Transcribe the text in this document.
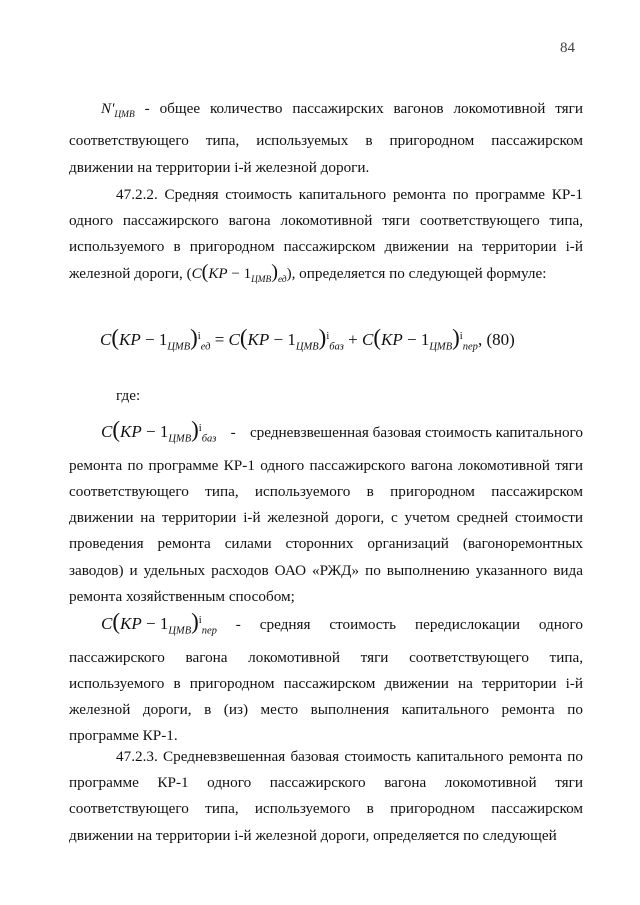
84
$N'_{ЦМВ}$ - общее количество пассажирских вагонов локомотивной тяги соответствующего типа, используемых в пригородном пассажирском движении на территории i-й железной дороги.
47.2.2. Средняя стоимость капитального ремонта по программе КР-1 одного пассажирского вагона локомотивной тяги соответствующего типа, используемого в пригородном пассажирском движении на территории i-й железной дороги, $(C(KP - 1_{ЦМВ})_{ед})$, определяется по следующей формуле:
$C(KP - 1_{ЦМВ})^i_{ед} = C(KP - 1_{ЦМВ})^i_{баз} + C(KP - 1_{ЦМВ})^i_{пер}$, (80)
где:
$C(KP - 1_{ЦМВ})^i_{баз}$ - средневзвешенная базовая стоимость капитального
ремонта по программе КР-1 одного пассажирского вагона локомотивной тяги соответствующего типа, используемого в пригородном пассажирском движении на территории i-й железной дороги, с учетом средней стоимости проведения ремонта силами сторонних организаций (вагоноремонтных заводов) и удельных расходов ОАО «РЖД» по выполнению указанного вида ремонта хозяйственным способом;
$C(KP - 1_{ЦМВ})^i_{пер}$ - средняя стоимость передислокации одного
пассажирского вагона локомотивной тяги соответствующего типа, используемого в пригородном пассажирском движении на территории i-й железной дороги, в (из) место выполнения капитального ремонта по программе КР-1.
47.2.3. Средневзвешенная базовая стоимость капитального ремонта по программе КР-1 одного пассажирского вагона локомотивной тяги соответствующего типа, используемого в пригородном пассажирском движении на территории i-й железной дороги, определяется по следующей
